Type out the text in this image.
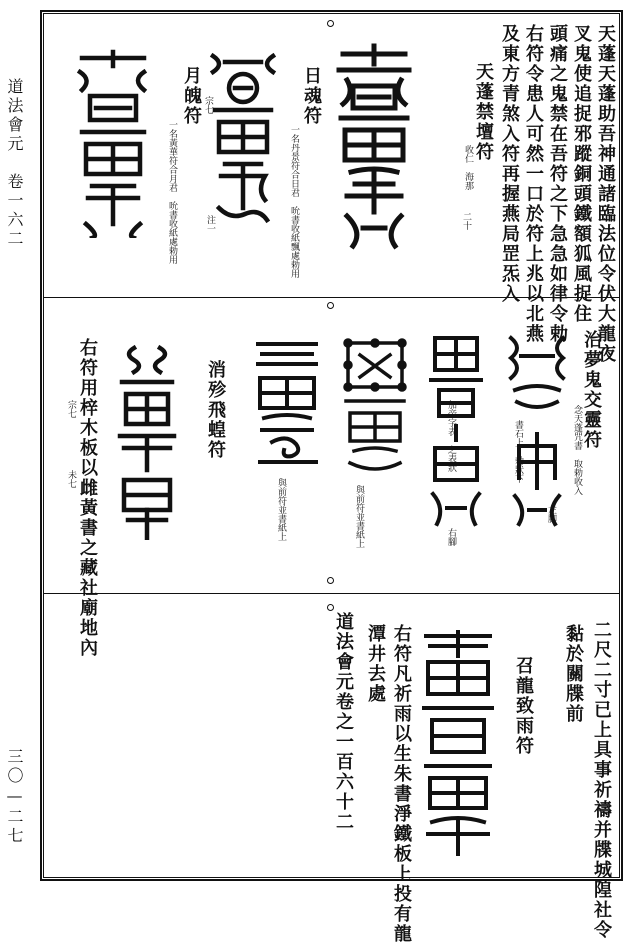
道法會元　卷一六二
三〇—二七
天蓬天蓬助吾神通諸臨法位令伏大龍夜
叉鬼使追捉邪蹤銅頭鐵額狐風捉住
頭痛之鬼禁在吾符之下急急如律令勅
右符令患人可然一口於符上兆以北燕
及東方青煞入符再握燕局罡炁入
天蓬禁壇符
收仁　海那
二十
日魂符
一名丹景符合日君　吮書收紙飄處勅用
月魄符
一名黃華符合月君　吮書收紙處勅用
宗七
注一
治夢鬼交靈符
念天蓬咒書　取勅收入
左脚
書石上　勅狀下
加帝字表　之表狀
右腳
與前符並書紙上
與前符並書紙上
消殄飛蝗符
右符用梓木板以雌黃書之藏社廟地內
宗七
未七
二尺二寸已上具事祈禱并牒城隍社令
黏於關牒前
召龍致雨符
右符凡祈雨以生朱書淨鐵板上投有龍
潭井去處
道法會元卷之一百六十二
